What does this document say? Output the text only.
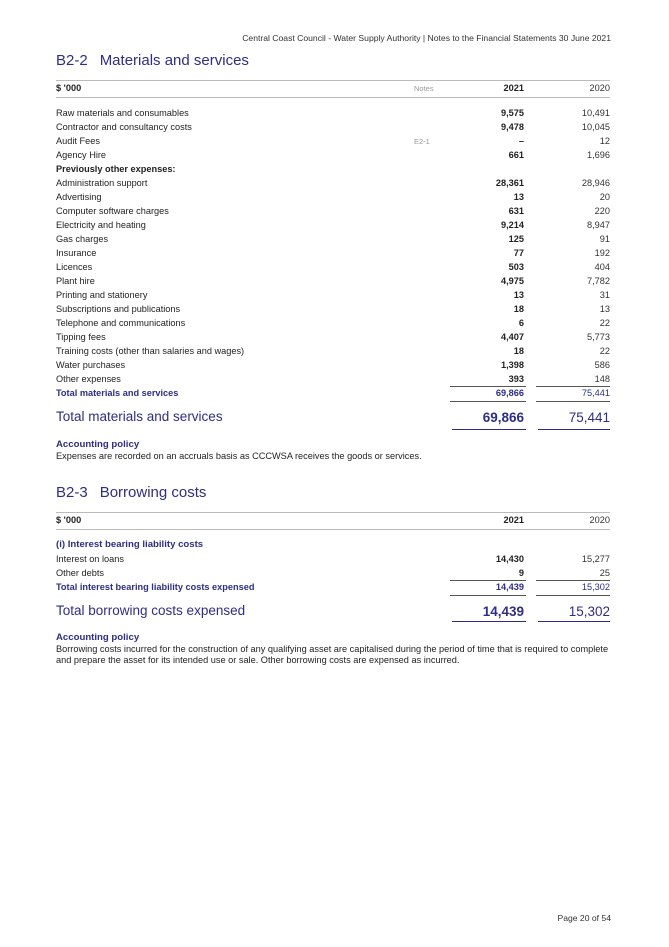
Central Coast Council - Water Supply Authority | Notes to the Financial Statements 30 June 2021
B2-2 Materials and services
$ '000	Notes	2021	2020
Raw materials and consumables	9,575	10,491
Contractor and consultancy costs	9,478	10,045
Audit Fees	E2-1	–	12
Agency Hire	661	1,696
Previously other expenses:
Administration support	28,361	28,946
Advertising	13	20
Computer software charges	631	220
Electricity and heating	9,214	8,947
Gas charges	125	91
Insurance	77	192
Licences	503	404
Plant hire	4,975	7,782
Printing and stationery	13	31
Subscriptions and publications	18	13
Telephone and communications	6	22
Tipping fees	4,407	5,773
Training costs (other than salaries and wages)	18	22
Water purchases	1,398	586
Other expenses	393	148
Total materials and services	69,866	75,441
Total materials and services	69,866	75,441
Accounting policy
Expenses are recorded on an accruals basis as CCCWSA receives the goods or services.
B2-3 Borrowing costs
$ '000	2021	2020
(i) Interest bearing liability costs
Interest on loans	14,430	15,277
Other debts	9	25
Total interest bearing liability costs expensed	14,439	15,302
Total borrowing costs expensed	14,439	15,302
Accounting policy
Borrowing costs incurred for the construction of any qualifying asset are capitalised during the period of time that is required to complete and prepare the asset for its intended use or sale. Other borrowing costs are expensed as incurred.
Page 20 of 54
